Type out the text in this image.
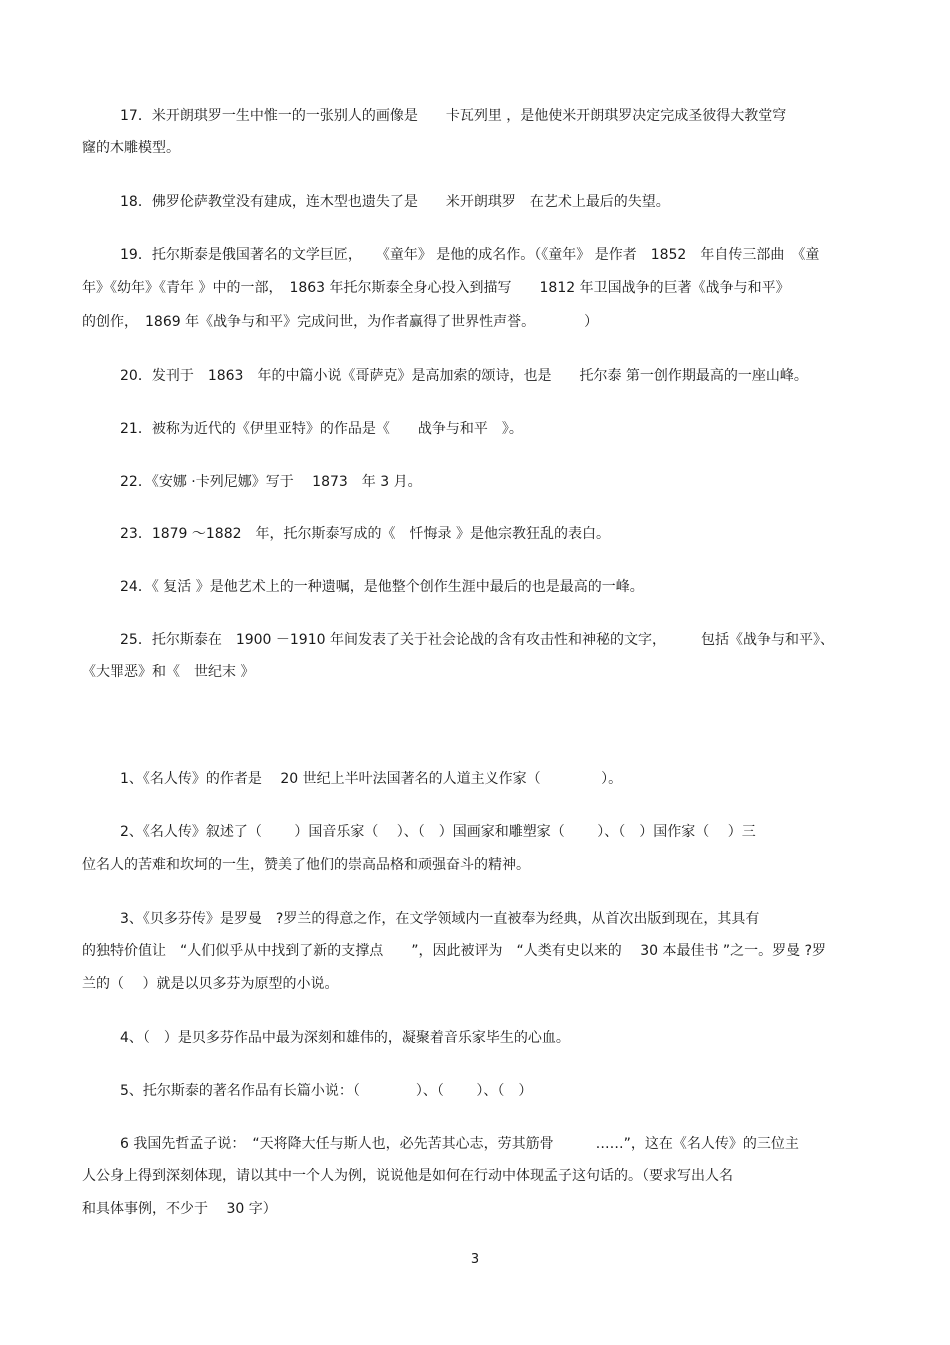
17．米开朗琪罗一生中惟一的一张别人的画像是　　卡瓦列里 ，是他使米开朗琪罗决定完成圣彼得大教堂穹
窿的木雕模型。
18．佛罗伦萨教堂没有建成，连木型也遗失了是　　米开朗琪罗　在艺术上最后的失望。
19．托尔斯泰是俄国著名的文学巨匠，　　《童年》 是他的成名作。（《童年》 是作者　1852　年自传三部曲　《童
年》《幼年》《青年 》中的一部，　1863 年托尔斯泰全身心投入到描写　　1812 年卫国战争的巨著《战争与和平》
的创作，　1869 年《战争与和平》完成问世，为作者赢得了世界性声誉。　　　　）
20．发刊于　1863　年的中篇小说《哥萨克》是高加索的颂诗，也是　　托尔泰 第一创作期最高的一座山峰。
21．被称为近代的《伊里亚特》的作品是《　　战争与和平　》。
22．《安娜 ·卡列尼娜》写于　 1873　年 3 月。
23．1879 ～1882　年，托尔斯泰写成的《　忏悔录 》是他宗教狂乱的表白。
24．《 复活 》是他艺术上的一种遗嘱，是他整个创作生涯中最后的也是最高的一峰。
25．托尔斯泰在　1900 －1910 年间发表了关于社会论战的含有攻击性和神秘的文字，　　　包括《战争与和平》、
《大罪恶》和《　世纪末 》
1、《名人传》的作者是　 20 世纪上半叶法国著名的人道主义作家（　　　　 ）。
2、《名人传》叙述了（　　 ）国音乐家（　 ）、（　）国画家和雕塑家（　　 ）、（　）国作家（　 ）三
位名人的苦难和坎坷的一生，赞美了他们的崇高品格和顽强奋斗的精神。
3、《贝多芬传》是罗曼　?罗兰的得意之作，在文学领域内一直被奉为经典，从首次出版到现在，其具有
的独特价值让　“人们似乎从中找到了新的支撑点　　”，因此被评为　“人类有史以来的　 30 本最佳书 ”之一。罗曼 ?罗
兰的（　 ）就是以贝多芬为原型的小说。
4、（　）是贝多芬作品中最为深刻和雄伟的，凝聚着音乐家毕生的心血。
5、托尔斯泰的著名作品有长篇小说：（　　　　）、（　　 ）、（　）
6 我国先哲孟子说：　“天将降大任与斯人也，必先苦其心志，劳其筋骨　　　……”，这在《名人传》的三位主
人公身上得到深刻体现，请以其中一个人为例，说说他是如何在行动中体现孟子这句话的。（要求写出人名
和具体事例，不少于　 30 字）
3
